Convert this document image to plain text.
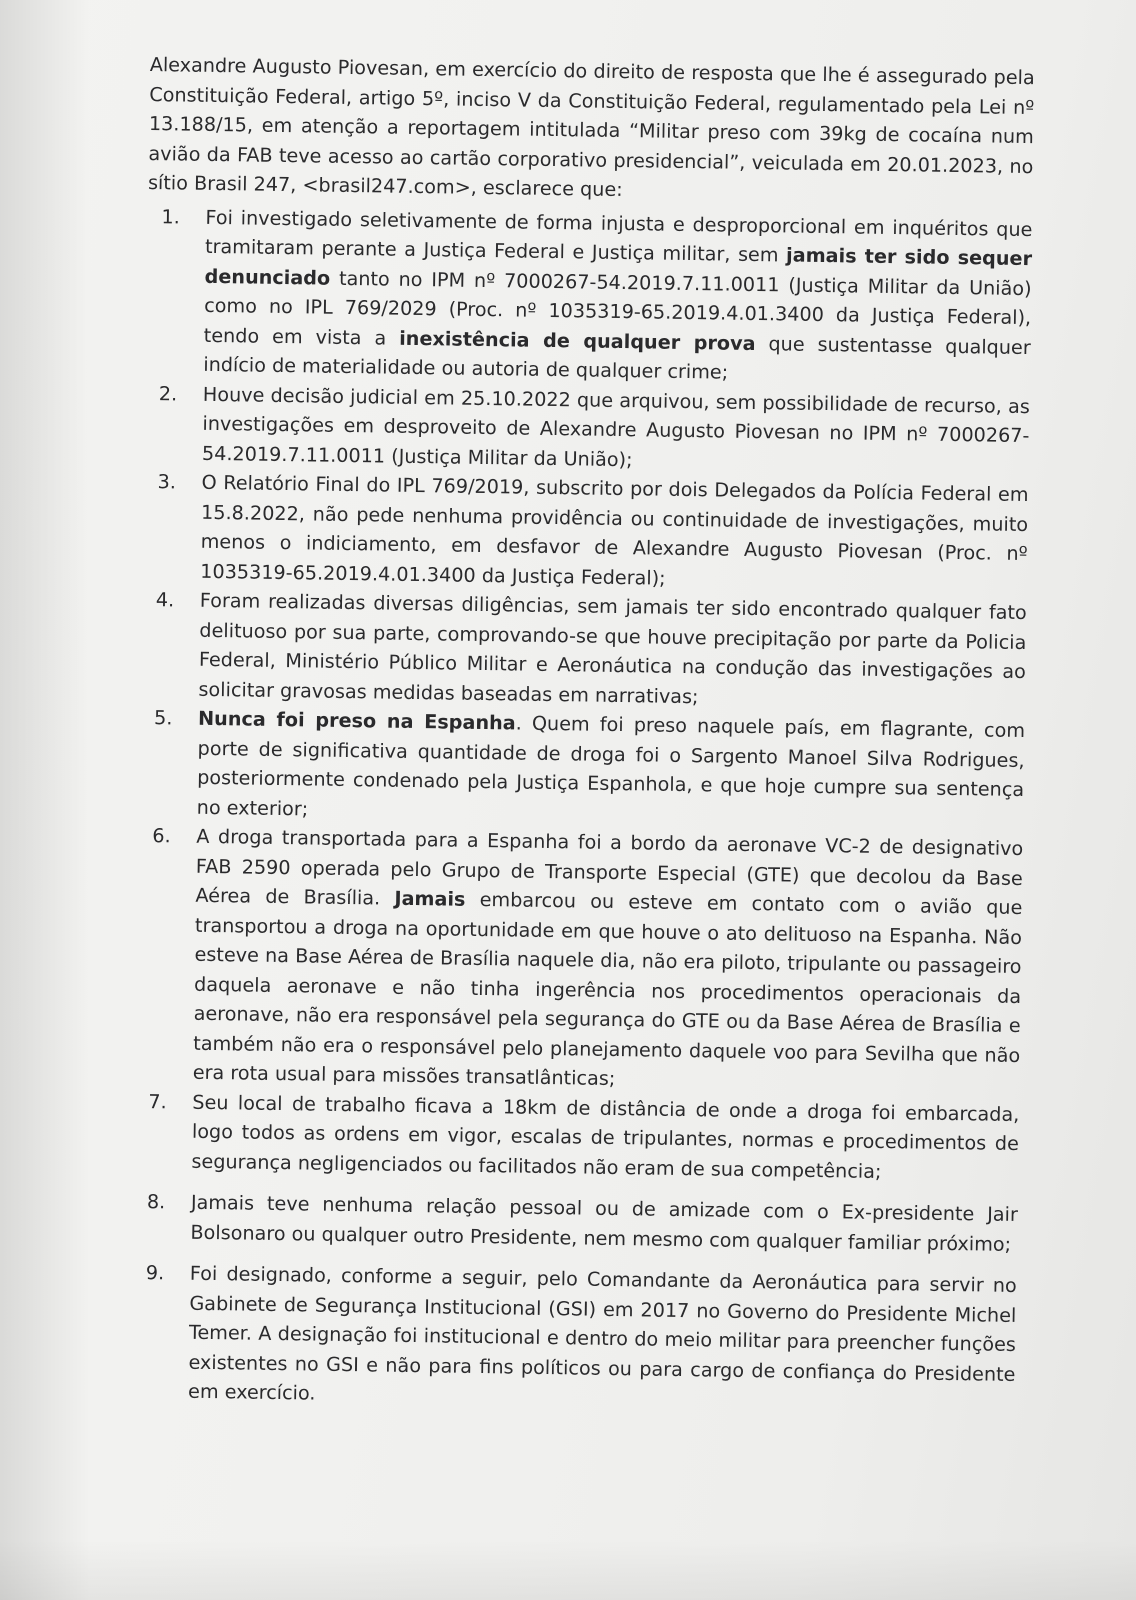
Alexandre Augusto Piovesan, em exercício do direito de resposta que lhe é assegurado pela Constituição Federal, artigo 5º, inciso V da Constituição Federal, regulamentado pela Lei nº 13.188/15, em atenção a reportagem intitulada “Militar preso com 39kg de cocaína num avião da FAB teve acesso ao cartão corporativo presidencial”, veiculada em 20.01.2023, no sítio Brasil 247, <brasil247.com>, esclarece que:

1. Foi investigado seletivamente de forma injusta e desproporcional em inquéritos que tramitaram perante a Justiça Federal e Justiça militar, sem jamais ter sido sequer denunciado tanto no IPM nº 7000267-54.2019.7.11.0011 (Justiça Militar da União) como no IPL 769/2029 (Proc. nº 1035319-65.2019.4.01.3400 da Justiça Federal), tendo em vista a inexistência de qualquer prova que sustentasse qualquer indício de materialidade ou autoria de qualquer crime;
2. Houve decisão judicial em 25.10.2022 que arquivou, sem possibilidade de recurso, as investigações em desproveito de Alexandre Augusto Piovesan no IPM nº 7000267-54.2019.7.11.0011 (Justiça Militar da União);
3. O Relatório Final do IPL 769/2019, subscrito por dois Delegados da Polícia Federal em 15.8.2022, não pede nenhuma providência ou continuidade de investigações, muito menos o indiciamento, em desfavor de Alexandre Augusto Piovesan (Proc. nº 1035319-65.2019.4.01.3400 da Justiça Federal);
4. Foram realizadas diversas diligências, sem jamais ter sido encontrado qualquer fato delituoso por sua parte, comprovando-se que houve precipitação por parte da Policia Federal, Ministério Público Militar e Aeronáutica na condução das investigações ao solicitar gravosas medidas baseadas em narrativas;
5. Nunca foi preso na Espanha. Quem foi preso naquele país, em flagrante, com porte de significativa quantidade de droga foi o Sargento Manoel Silva Rodrigues, posteriormente condenado pela Justiça Espanhola, e que hoje cumpre sua sentença no exterior;
6. A droga transportada para a Espanha foi a bordo da aeronave VC-2 de designativo FAB 2590 operada pelo Grupo de Transporte Especial (GTE) que decolou da Base Aérea de Brasília. Jamais embarcou ou esteve em contato com o avião que transportou a droga na oportunidade em que houve o ato delituoso na Espanha. Não esteve na Base Aérea de Brasília naquele dia, não era piloto, tripulante ou passageiro daquela aeronave e não tinha ingerência nos procedimentos operacionais da aeronave, não era responsável pela segurança do GTE ou da Base Aérea de Brasília e também não era o responsável pelo planejamento daquele voo para Sevilha que não era rota usual para missões transatlânticas;
7. Seu local de trabalho ficava a 18km de distância de onde a droga foi embarcada, logo todos as ordens em vigor, escalas de tripulantes, normas e procedimentos de segurança negligenciados ou facilitados não eram de sua competência;
8. Jamais teve nenhuma relação pessoal ou de amizade com o Ex-presidente Jair Bolsonaro ou qualquer outro Presidente, nem mesmo com qualquer familiar próximo;
9. Foi designado, conforme a seguir, pelo Comandante da Aeronáutica para servir no Gabinete de Segurança Institucional (GSI) em 2017 no Governo do Presidente Michel Temer. A designação foi institucional e dentro do meio militar para preencher funções existentes no GSI e não para fins políticos ou para cargo de confiança do Presidente em exercício.
